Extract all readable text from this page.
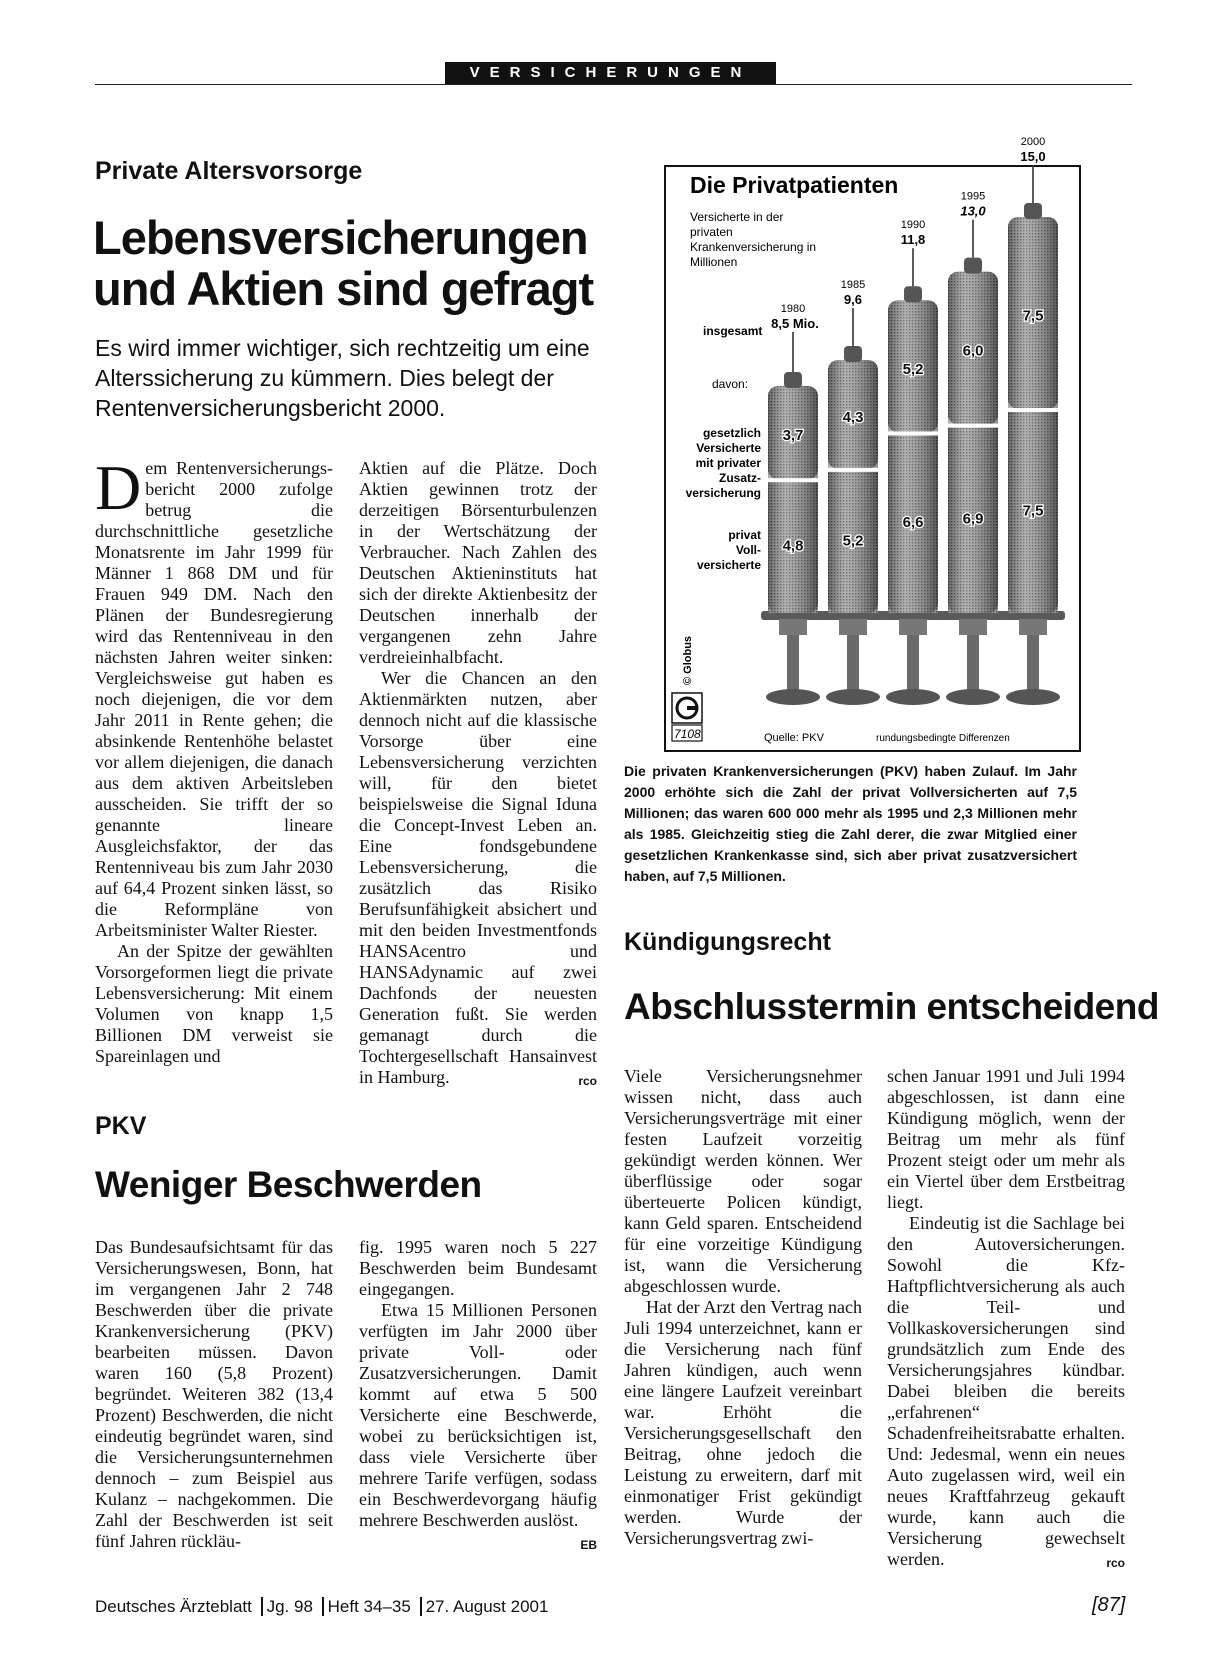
VERSICHERUNGEN
Private Altersvorsorge
Lebensversicherungen
und Aktien sind gefragt
Es wird immer wichtiger, sich rechtzeitig um eine Alterssicherung zu kümmern. Dies belegt der Rentenversicherungsbericht 2000.

Dem Rentenversicherungsbericht 2000 zufolge betrug die durchschnittliche gesetzliche Monatsrente im Jahr 1999 für Männer 1 868 DM und für Frauen 949 DM. Nach den Plänen der Bundesregierung wird das Rentenniveau in den nächsten Jahren weiter sinken: Vergleichsweise gut haben es noch diejenigen, die vor dem Jahr 2011 in Rente gehen; die absinkende Rentenhöhe belastet vor allem diejenigen, die danach aus dem aktiven Arbeitsleben ausscheiden. Sie trifft der so genannte lineare Ausgleichsfaktor, der das Rentenniveau bis zum Jahr 2030 auf 64,4 Prozent sinken lässt, so die Reformpläne von Arbeitsminister Walter Riester.

An der Spitze der gewählten Vorsorgeformen liegt die private Lebensversicherung: Mit einem Volumen von knapp 1,5 Billionen DM verweist sie Spareinlagen und

Aktien auf die Plätze. Doch Aktien gewinnen trotz der derzeitigen Börsenturbulenzen in der Wertschätzung der Verbraucher. Nach Zahlen des Deutschen Aktieninstituts hat sich der direkte Aktienbesitz der Deutschen innerhalb der vergangenen zehn Jahre verdreieinhalbfacht.

Wer die Chancen an den Aktienmärkten nutzen, aber dennoch nicht auf die klassische Vorsorge über eine Lebensversicherung verzichten will, für den bietet beispielsweise die Signal Iduna die Concept-Invest Leben an. Eine fondsgebundene Lebensversicherung, die zusätzlich das Risiko Berufsunfähigkeit absichert und mit den beiden Investmentfonds HANSAcentro und HANSAdynamic auf zwei Dachfonds der neuesten Generation fußt. Sie werden gemanagt durch die Tochtergesellschaft Hansainvest in Hamburg.	rco

Die Privatpatienten
Versicherte in der
privaten
Krankenversicherung in
Millionen
insgesamt
davon:
gesetzlich
Versicherte
mit privater
Zusatz-
versicherung
privat
Voll-
versicherte
3,7
4,8
1980
8,5 Mio.
4,3
5,2
1985
9,6
5,2
6,6
1990
11,8
6,0
6,9
1995
13,0
7,5
7,5
2000
15,0
© Globus
7108	Quelle: PKV	rundungsbedingte Differenzen
Die privaten Krankenversicherungen (PKV) haben Zulauf. Im Jahr 2000 erhöhte sich die Zahl der privat Vollversicherten auf 7,5 Millionen; das waren 600 000 mehr als 1995 und 2,3 Millionen mehr als 1985. Gleichzeitig stieg die Zahl derer, die zwar Mitglied einer gesetzlichen Krankenkasse sind, sich aber privat zusatzversichert haben, auf 7,5 Millionen.
Kündigungsrecht
Abschlusstermin entscheidend

Viele Versicherungsnehmer wissen nicht, dass auch Versicherungsverträge mit einer festen Laufzeit vorzeitig gekündigt werden können. Wer überflüssige oder sogar überteuerte Policen kündigt, kann Geld sparen. Entscheidend für eine vorzeitige Kündigung ist, wann die Versicherung abgeschlossen wurde.

Hat der Arzt den Vertrag nach Juli 1994 unterzeichnet, kann er die Versicherung nach fünf Jahren kündigen, auch wenn eine längere Laufzeit vereinbart war. Erhöht die Versicherungsgesellschaft den Beitrag, ohne jedoch die Leistung zu erweitern, darf mit einmonatiger Frist gekündigt werden. Wurde der Versicherungsvertrag zwi-

schen Januar 1991 und Juli 1994 abgeschlossen, ist dann eine Kündigung möglich, wenn der Beitrag um mehr als fünf Prozent steigt oder um mehr als ein Viertel über dem Erstbeitrag liegt.

Eindeutig ist die Sachlage bei den Autoversicherungen. Sowohl die Kfz-Haftpflichtversicherung als auch die Teil- und Vollkaskoversicherungen sind grundsätzlich zum Ende des Versicherungsjahres kündbar. Dabei bleiben die bereits „erfahrenen“ Schadenfreiheitsrabatte erhalten. Und: Jedesmal, wenn ein neues Auto zugelassen wird, weil ein neues Kraftfahrzeug gekauft wurde, kann auch die Versicherung gewechselt werden.	rco

PKV
Weniger Beschwerden

Das Bundesaufsichtsamt für das Versicherungswesen, Bonn, hat im vergangenen Jahr 2 748 Beschwerden über die private Krankenversicherung (PKV) bearbeiten müssen. Davon waren 160 (5,8 Prozent) begründet. Weiteren 382 (13,4 Prozent) Beschwerden, die nicht eindeutig begründet waren, sind die Versicherungsunternehmen dennoch – zum Beispiel aus Kulanz – nachgekommen. Die Zahl der Beschwerden ist seit fünf Jahren rückläu-

fig. 1995 waren noch 5 227 Beschwerden beim Bundesamt eingegangen.

Etwa 15 Millionen Personen verfügten im Jahr 2000 über private Voll- oder Zusatzversicherungen. Damit kommt auf etwa 5 500 Versicherte eine Beschwerde, wobei zu berücksichtigen ist, dass viele Versicherte über mehrere Tarife verfügen, sodass ein Beschwerdevorgang häufig mehrere Beschwerden auslöst.
EB

Deutsches Ärzteblatt Jg. 98 Heft 34–35 27. August 2001	[87]
